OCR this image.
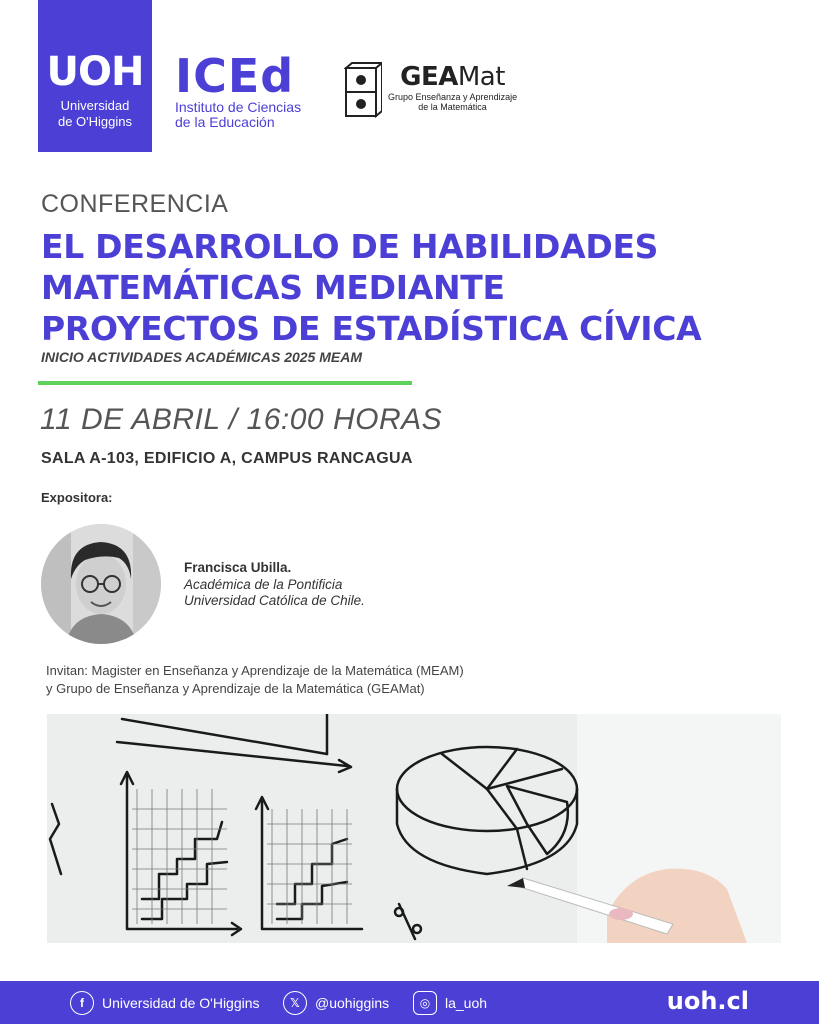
UOH
Universidad
de O'Higgins
ICEd
Instituto de Ciencias
de la Educación
GEAMat
Grupo Enseñanza y Aprendizaje
de la Matemática
CONFERENCIA
EL DESARROLLO DE HABILIDADES
MATEMÁTICAS MEDIANTE
PROYECTOS DE ESTADÍSTICA CÍVICA
INICIO ACTIVIDADES ACADÉMICAS 2025 MEAM
11 DE ABRIL / 16:00 HORAS
SALA A-103, EDIFICIO A, CAMPUS RANCAGUA
Expositora:
Francisca Ubilla.
Académica de la Pontificia
Universidad Católica de Chile.
Invitan: Magister en Enseñanza y Aprendizaje de la Matemática (MEAM)
y Grupo de Enseñanza y Aprendizaje de la Matemática (GEAMat)
f	Universidad de O'Higgins	𝕏	@uohiggins	◎	la_uoh	uoh.cl
